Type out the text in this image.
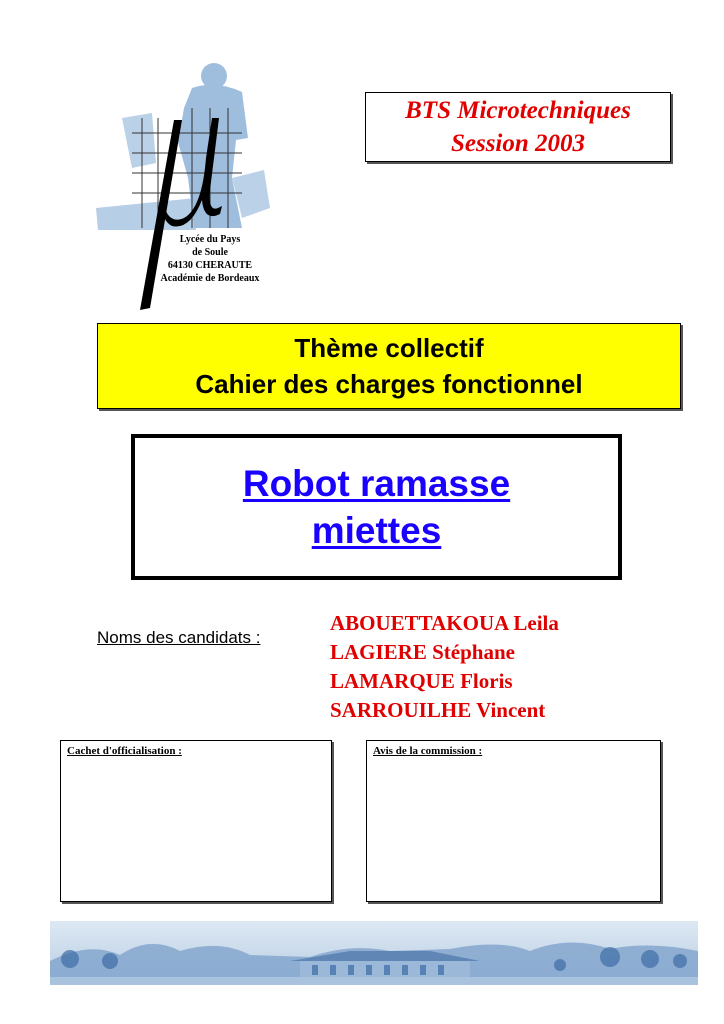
Lycée du Pays
de Soule
64130 CHERAUTE
Académie de Bordeaux
BTS Microtechniques
Session 2003
Thème collectif
Cahier des charges fonctionnel
Robot ramasse
miettes
Noms des candidats :
ABOUETTAKOUA Leila
LAGIERE Stéphane
LAMARQUE Floris
SARROUILHE Vincent
Cachet d'officialisation :	Avis de la commission :
